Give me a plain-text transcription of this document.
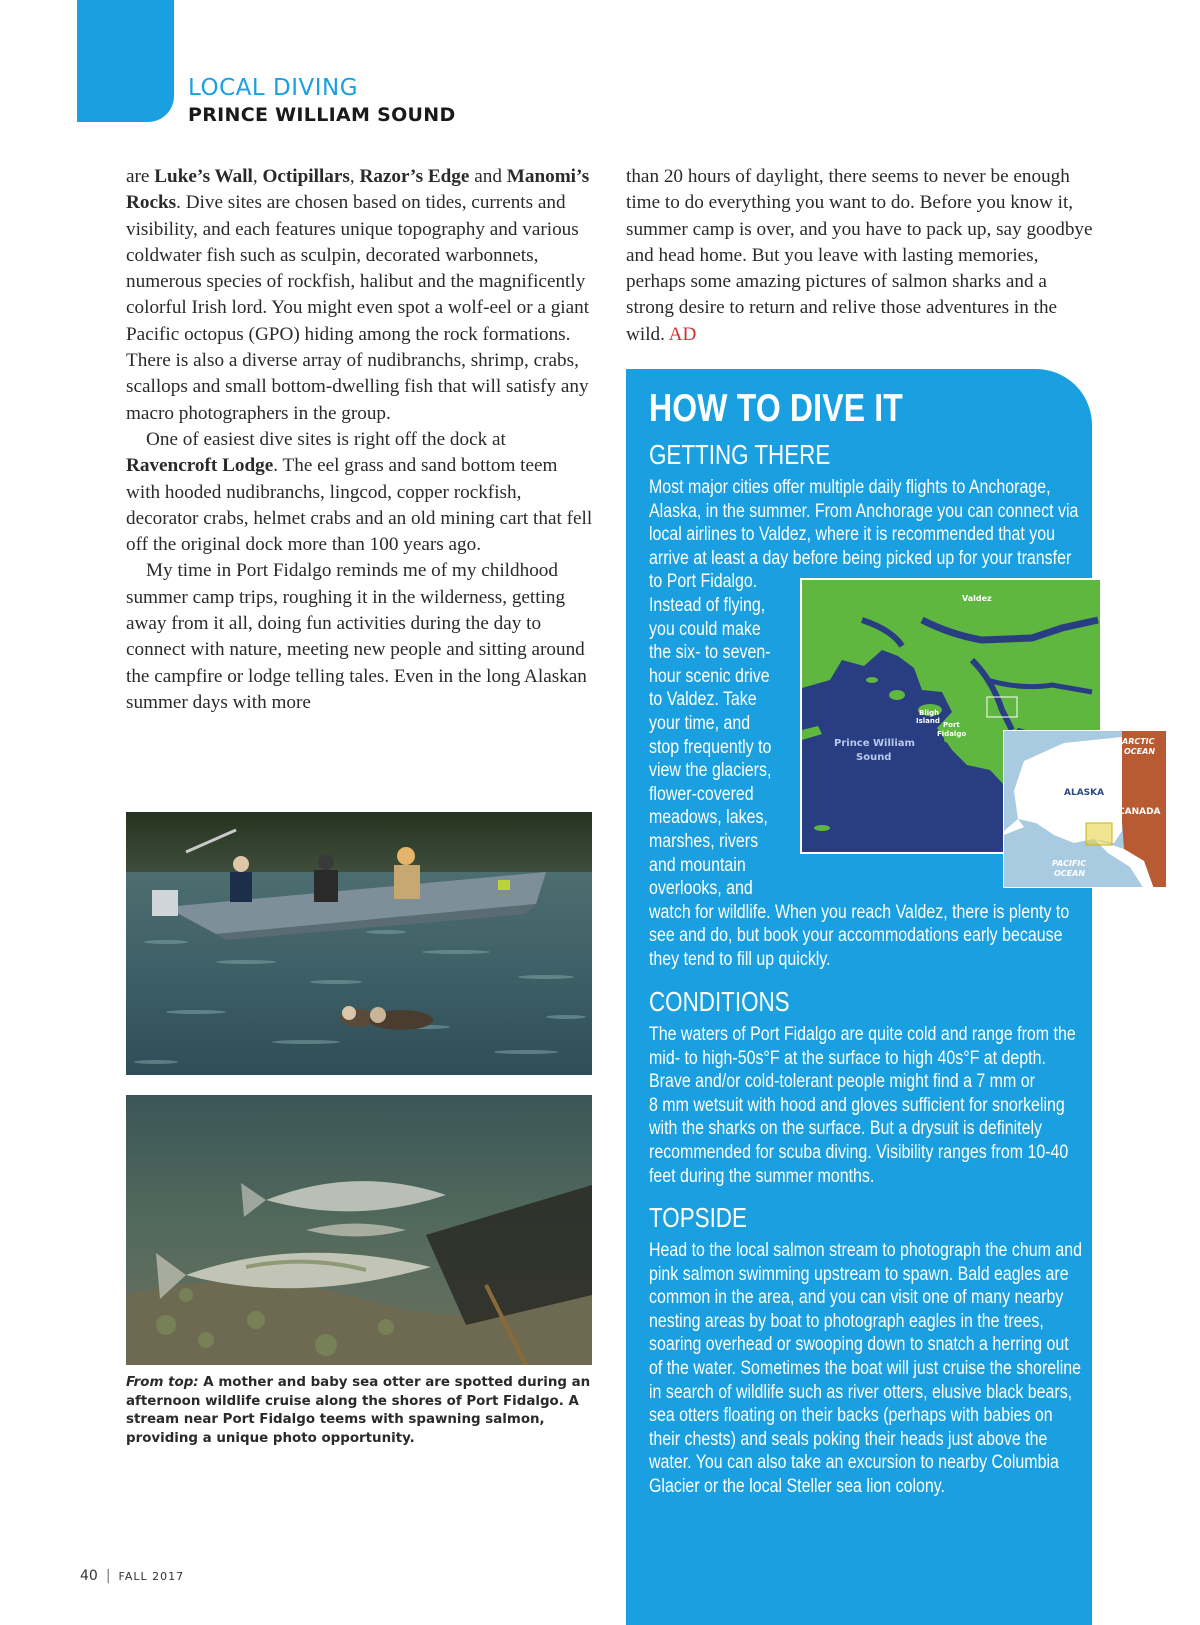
LOCAL DIVING
PRINCE WILLIAM SOUND

are Luke’s Wall, Octipillars, Razor’s Edge and Manomi’s Rocks. Dive sites are chosen based on tides, currents and visibility, and each features unique topography and various coldwater fish such as sculpin, decorated warbonnets, numerous species of rockfish, halibut and the magnificently colorful Irish lord. You might even spot a wolf-eel or a giant Pacific octopus (GPO) hiding among the rock formations. There is also a diverse array of nudibranchs, shrimp, crabs, scallops and small bottom-dwelling fish that will satisfy any macro photographers in the group.

One of easiest dive sites is right off the dock at Ravencroft Lodge. The eel grass and sand bottom teem with hooded nudibranchs, lingcod, copper rockfish, decorator crabs, helmet crabs and an old mining cart that fell off the original dock more than 100 years ago.

My time in Port Fidalgo reminds me of my childhood summer camp trips, roughing it in the wilderness, getting away from it all, doing fun activities during the day to connect with nature, meeting new people and sitting around the campfire or lodge telling tales. Even in the long Alaskan summer days with more

than 20 hours of daylight, there seems to never be enough time to do everything you want to do. Before you know it, summer camp is over, and you have to pack up, say goodbye and head home. But you leave with lasting memories, perhaps some amazing pictures of salmon sharks and a strong desire to return and relive those adventures in the wild. AD

From top: A mother and baby sea otter are spotted during an afternoon wildlife cruise along the shores of Port Fidalgo. A stream near Port Fidalgo teems with spawning salmon, providing a unique photo opportunity.
40 | FALL 2017
HOW TO DIVE IT
GETTING THERE
Most major cities offer multiple daily flights to Anchorage,
Alaska, in the summer. From Anchorage you can connect via
local airlines to Valdez, where it is recommended that you
arrive at least a day before being picked up for your transfer
to Port Fidalgo.
Instead of flying,
you could make
the six- to seven-
hour scenic drive
to Valdez. Take
your time, and
stop frequently to
view the glaciers,
flower-covered
meadows, lakes,
marshes, rivers
and mountain
overlooks, and
watch for wildlife. When you reach Valdez, there is plenty to
see and do, but book your accommodations early because
they tend to fill up quickly.
CONDITIONS
The waters of Port Fidalgo are quite cold and range from the
mid- to high-50s°F at the surface to high 40s°F at depth.
Brave and/or cold-tolerant people might find a 7 mm or
8 mm wetsuit with hood and gloves sufficient for snorkeling
with the sharks on the surface. But a drysuit is definitely
recommended for scuba diving. Visibility ranges from 10-40
feet during the summer months.
TOPSIDE
Head to the local salmon stream to photograph the chum and
pink salmon swimming upstream to spawn. Bald eagles are
common in the area, and you can visit one of many nearby
nesting areas by boat to photograph eagles in the trees,
soaring overhead or swooping down to snatch a herring out
of the water. Sometimes the boat will just cruise the shoreline
in search of wildlife such as river otters, elusive black bears,
sea otters floating on their backs (perhaps with babies on
their chests) and seals poking their heads just above the
water. You can also take an excursion to nearby Columbia
Glacier or the local Steller sea lion colony.
Valdez
Bligh
Island Port
Fidalgo
Prince William
Sound
ARCTIC
OCEAN
ALASKA
CANADA
PACIFIC
OCEAN
